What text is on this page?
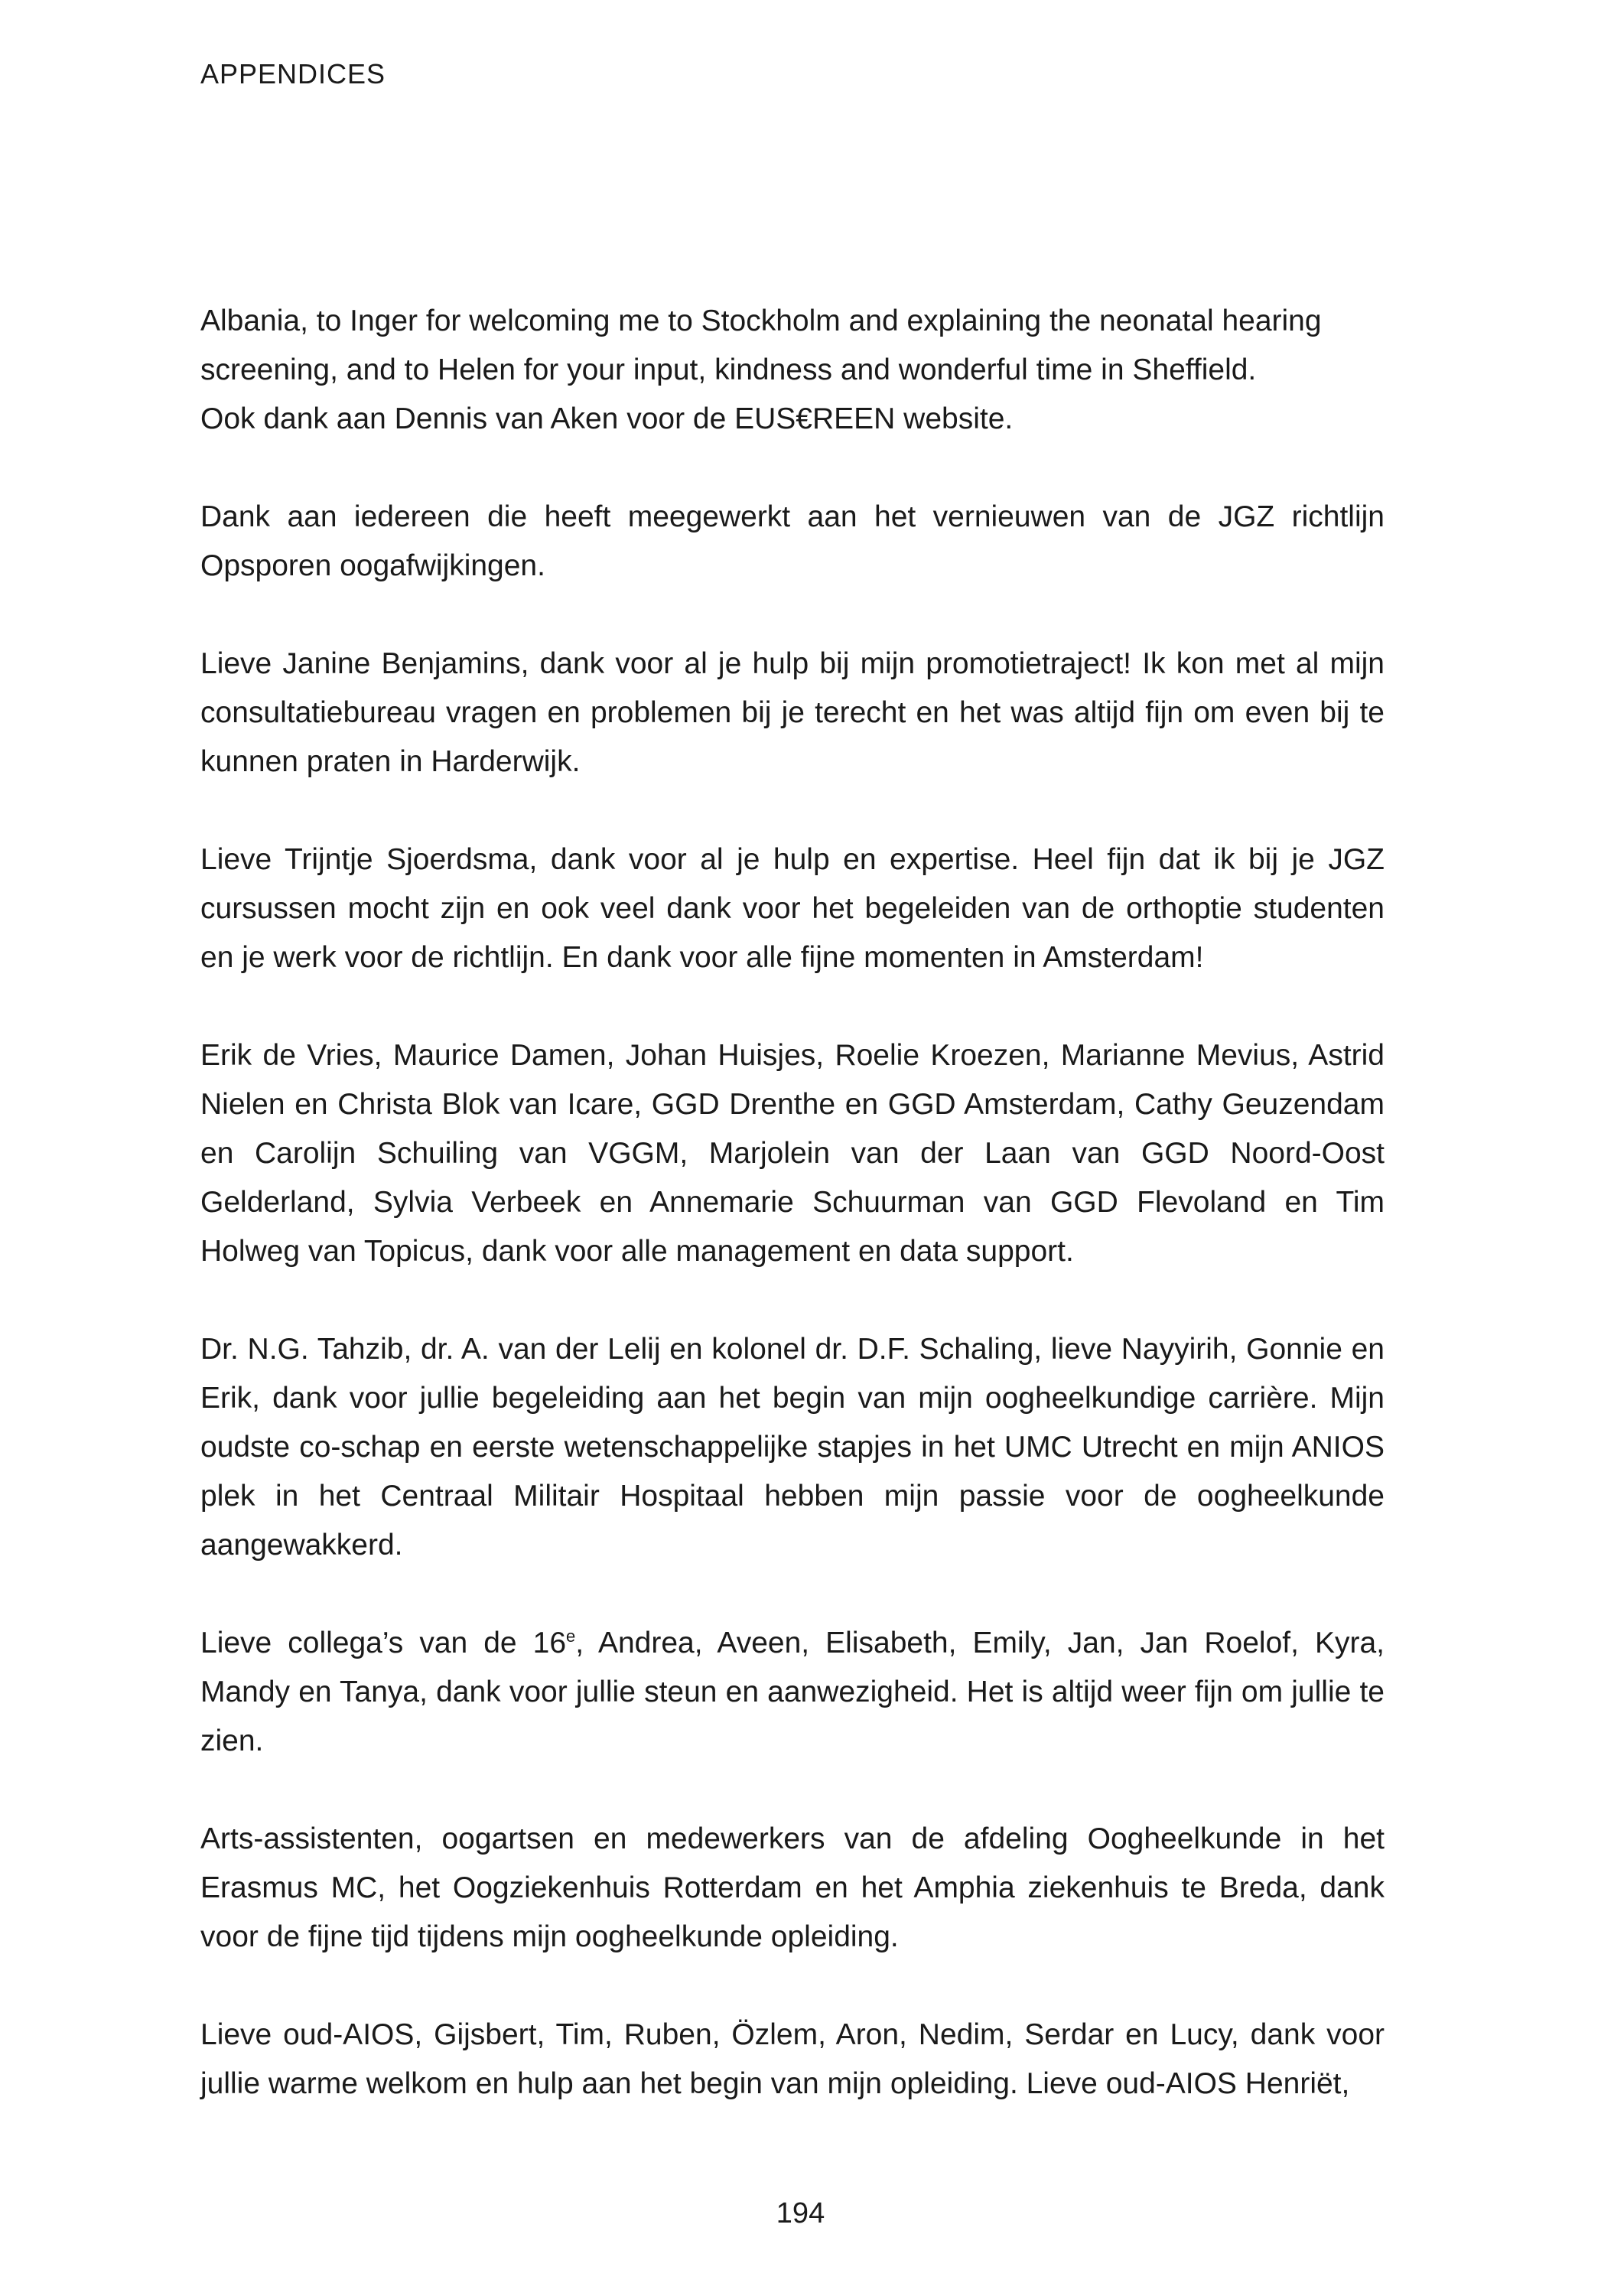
APPENDICES

Albania, to Inger for welcoming me to Stockholm and explaining the neonatal hearing screening, and to Helen for your input, kindness and wonderful time in Sheffield.
Ook dank aan Dennis van Aken voor de EUS€REEN website.

Dank aan iedereen die heeft meegewerkt aan het vernieuwen van de JGZ richtlijn Opsporen oogafwijkingen.

Lieve Janine Benjamins, dank voor al je hulp bij mijn promotietraject! Ik kon met al mijn consultatiebureau vragen en problemen bij je terecht en het was altijd fijn om even bij te kunnen praten in Harderwijk.

Lieve Trijntje Sjoerdsma, dank voor al je hulp en expertise. Heel fijn dat ik bij je JGZ cursussen mocht zijn en ook veel dank voor het begeleiden van de orthoptie studenten en je werk voor de richtlijn. En dank voor alle fijne momenten in Amsterdam!

Erik de Vries, Maurice Damen, Johan Huisjes, Roelie Kroezen, Marianne Mevius, Astrid Nielen en Christa Blok van Icare, GGD Drenthe en GGD Amsterdam, Cathy Geuzendam en Carolijn Schuiling van VGGM, Marjolein van der Laan van GGD Noord-Oost Gelderland, Sylvia Verbeek en Annemarie Schuurman van GGD Flevoland en Tim Holweg van Topicus, dank voor alle management en data support.

Dr. N.G. Tahzib, dr. A. van der Lelij en kolonel dr. D.F. Schaling, lieve Nayyirih, Gonnie en Erik, dank voor jullie begeleiding aan het begin van mijn oogheelkundige carrière. Mijn oudste co-schap en eerste wetenschappelijke stapjes in het UMC Utrecht en mijn ANIOS plek in het Centraal Militair Hospitaal hebben mijn passie voor de oogheelkunde aangewakkerd.

Lieve collega’s van de 16e, Andrea, Aveen, Elisabeth, Emily, Jan, Jan Roelof, Kyra, Mandy en Tanya, dank voor jullie steun en aanwezigheid. Het is altijd weer fijn om jullie te zien.

Arts-assistenten, oogartsen en medewerkers van de afdeling Oogheelkunde in het Erasmus MC, het Oogziekenhuis Rotterdam en het Amphia ziekenhuis te Breda, dank voor de fijne tijd tijdens mijn oogheelkunde opleiding.

Lieve oud-AIOS, Gijsbert, Tim, Ruben, Özlem, Aron, Nedim, Serdar en Lucy, dank voor jullie warme welkom en hulp aan het begin van mijn opleiding. Lieve oud-AIOS Henriët,

194
